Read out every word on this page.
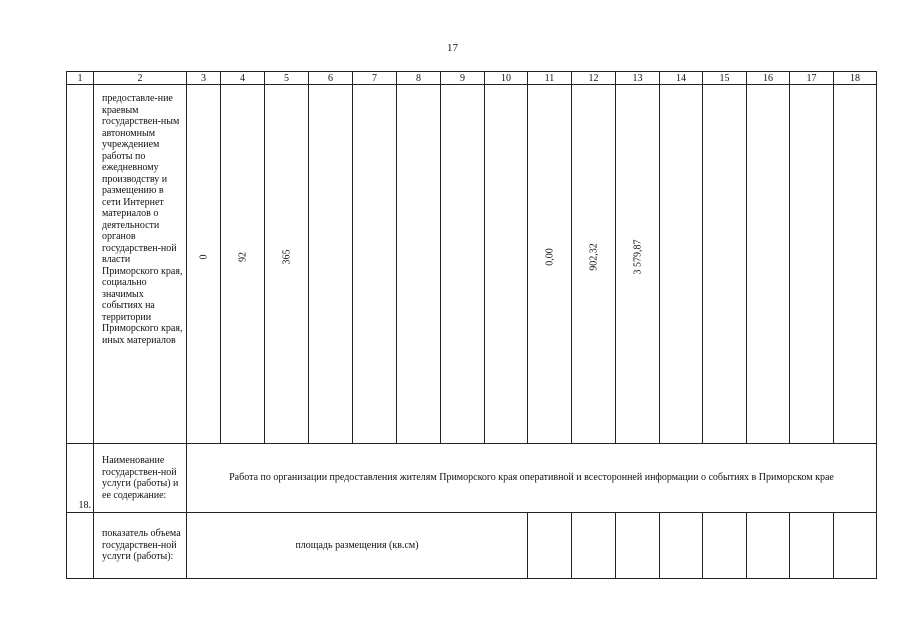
17
1	2	3	4	5	6	7	8	9	10	11	12	13	14	15	16	17	18
	предоставле-ние краевым государствен-ным автономным учреждением работы по ежедневному производству и размещению в сети Интернет материалов о деятельности органов государствен-ной власти Приморского края, социально значимых событиях на территории Приморского края, иных материалов	0	92	365						0,00	902,32	3 579,87					

18.	Наименование государствен-ной услуги (работы) и ее содержание:	Работа по организации предоставления жителям Приморского края оперативной и всесторонней информации о событиях в Приморском крае															
	показатель объема государствен-ной услуги (работы):	площадь размещения (кв.см)															
